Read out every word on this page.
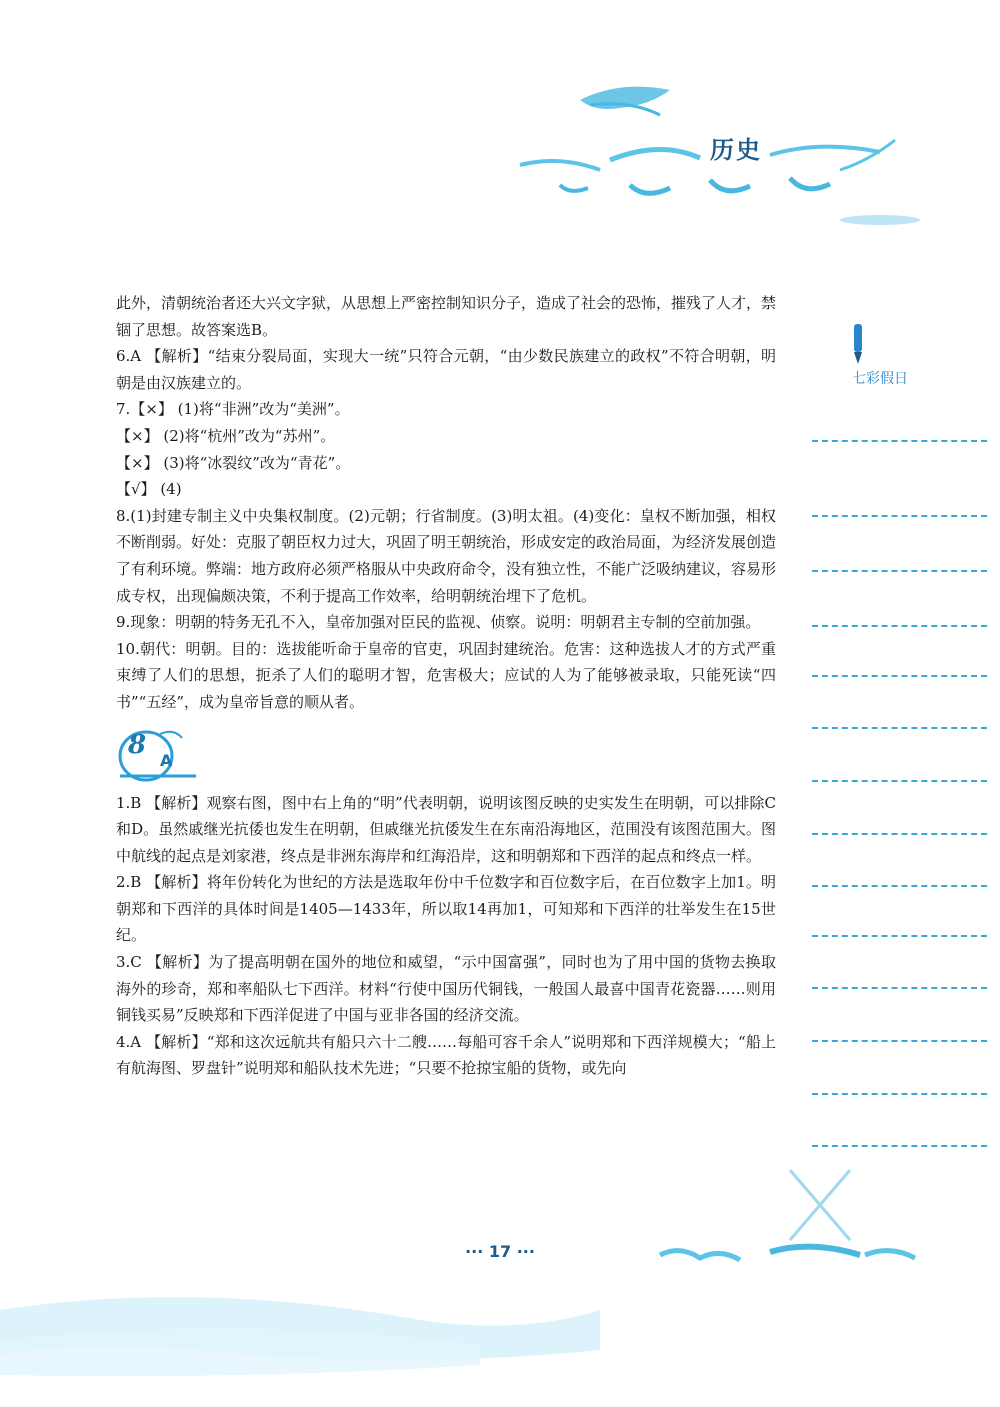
历史
七彩假日

此外，清朝统治者还大兴文字狱，从思想上严密控制知识分子，造成了社会的恐怖，摧残了人才，禁锢了思想。故答案选B。

6.A 【解析】“结束分裂局面，实现大一统”只符合元朝，“由少数民族建立的政权”不符合明朝，明朝是由汉族建立的。

7.【×】 (1)将“非洲”改为“美洲”。

【×】 (2)将“杭州”改为“苏州”。

【×】 (3)将“冰裂纹”改为“青花”。

【√】 (4)

8.(1)封建专制主义中央集权制度。(2)元朝；行省制度。(3)明太祖。(4)变化：皇权不断加强，相权不断削弱。好处：克服了朝臣权力过大，巩固了明王朝统治，形成安定的政治局面，为经济发展创造了有利环境。弊端：地方政府必须严格服从中央政府命令，没有独立性，不能广泛吸纳建议，容易形成专权，出现偏颇决策，不利于提高工作效率，给明朝统治埋下了危机。

9.现象：明朝的特务无孔不入，皇帝加强对臣民的监视、侦察。说明：明朝君主专制的空前加强。

10.朝代：明朝。目的：选拔能听命于皇帝的官吏，巩固封建统治。危害：这种选拔人才的方式严重束缚了人们的思想，扼杀了人们的聪明才智，危害极大；应试的人为了能够被录取，只能死读“四书”“五经”，成为皇帝旨意的顺从者。

8
A

1.B 【解析】观察右图，图中右上角的“明”代表明朝，说明该图反映的史实发生在明朝，可以排除C和D。虽然戚继光抗倭也发生在明朝，但戚继光抗倭发生在东南沿海地区，范围没有该图范围大。图中航线的起点是刘家港，终点是非洲东海岸和红海沿岸，这和明朝郑和下西洋的起点和终点一样。

2.B 【解析】将年份转化为世纪的方法是选取年份中千位数字和百位数字后，在百位数字上加1。明朝郑和下西洋的具体时间是1405—1433年，所以取14再加1，可知郑和下西洋的壮举发生在15世纪。

3.C 【解析】为了提高明朝在国外的地位和威望，“示中国富强”，同时也为了用中国的货物去换取海外的珍奇，郑和率船队七下西洋。材料“行使中国历代铜钱，一般国人最喜中国青花瓷器……则用铜钱买易”反映郑和下西洋促进了中国与亚非各国的经济交流。

4.A 【解析】“郑和这次远航共有船只六十二艘……每船可容千余人”说明郑和下西洋规模大；“船上有航海图、罗盘针”说明郑和船队技术先进；“只要不抢掠宝船的货物，或先向

··· 17 ···
